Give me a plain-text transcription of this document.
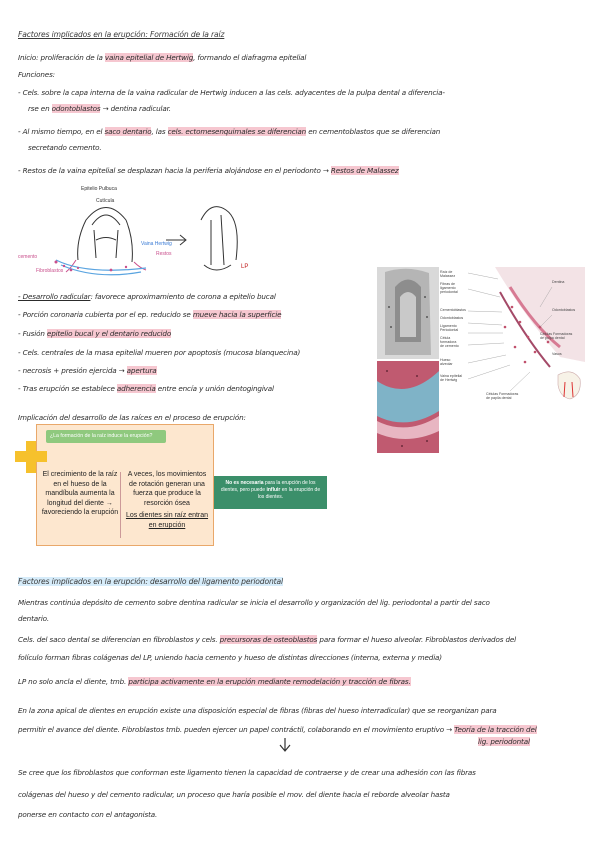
Factores implicados en la erupción: Formación de la raíz
Inicio: proliferación de la vaina epitelial de Hertwig, formando el diafragma epitelial
Funciones:
- Cels. sobre la capa interna de la vaina radicular de Hertwig inducen a las cels. adyacentes de la pulpa dental a diferencia-
rse en odontoblastos → dentina radicular.
- Al mismo tiempo, en el saco dentario, las cels. ectomesenquimales se diferencian en cementoblastos que se diferencian
secretando cemento.
- Restos de la vaina epitelial se desplazan hacia la periferia alojándose en el periodonto → Restos de Malassez
Epitelio Pulbuca
Cutícula
Vaina Hertwig
cemento
Fibroblastos
Restos
LP
- Desarrollo radicular: favorece aproximamiento de corona a epitelio bucal
- Porción coronaria cubierta por el ep. reducido se mueve hacia la superficie
- Fusión epitelio bucal y el dentario reducido
- Cels. centrales de la masa epitelial mueren por apoptosis (mucosa blanquecina)
- necrosis + presión ejercida → apertura
- Tras erupción se establece adherencia entre encía y unión dentogingival
Raíz de
Malassez
Fibras de
ligamento
periodontal
Cementoblastos
Odontoblastos
Ligamento
Periodontal
Célula
formadora
de cemento
Hueso
alveolar
Vaina epitelial
de Hertwig
Células Formadoras
de papila dental
Células Formadoras
de pulpa dental
Dentina
Odontoblastos
Vasos
Implicación del desarrollo de las raíces en el proceso de erupción:
¿La formación de la raíz induce la erupción?
El crecimiento de la raíz en el hueso de la mandíbula aumenta la longitud del diente → favoreciendo la erupción
A veces, los movimientos de rotación generan una fuerza que produce la resorción ósea
Los dientes sin raíz entran en erupción
No es necesaria para la erupción de los dientes, pero puede influir en la erupción de los dientes.
Factores implicados en la erupción: desarrollo del ligamento periodontal
Mientras continúa depósito de cemento sobre dentina radicular se inicia el desarrollo y organización del lig. periodontal a partir del saco
dentario.
Cels. del saco dental se diferencian en fibroblastos y cels. precursoras de osteoblastos para formar el hueso alveolar. Fibroblastos derivados del
folículo forman fibras colágenas del LP, uniendo hacia cemento y hueso de distintas direcciones (interna, externa y media)
LP no solo ancla el diente, tmb. participa activamente en la erupción mediante remodelación y tracción de fibras.
En la zona apical de dientes en erupción existe una disposición especial de fibras (fibras del hueso interradicular) que se reorganizan para
permitir el avance del diente. Fibroblastos tmb. pueden ejercer un papel contráctil, colaborando en el movimiento eruptivo → Teoría de la tracción del
lig. periodontal
Se cree que los fibroblastos que conforman este ligamento tienen la capacidad de contraerse y de crear una adhesión con las fibras
colágenas del hueso y del cemento radicular, un proceso que haría posible el mov. del diente hacia el reborde alveolar hasta
ponerse en contacto con el antagonista.
